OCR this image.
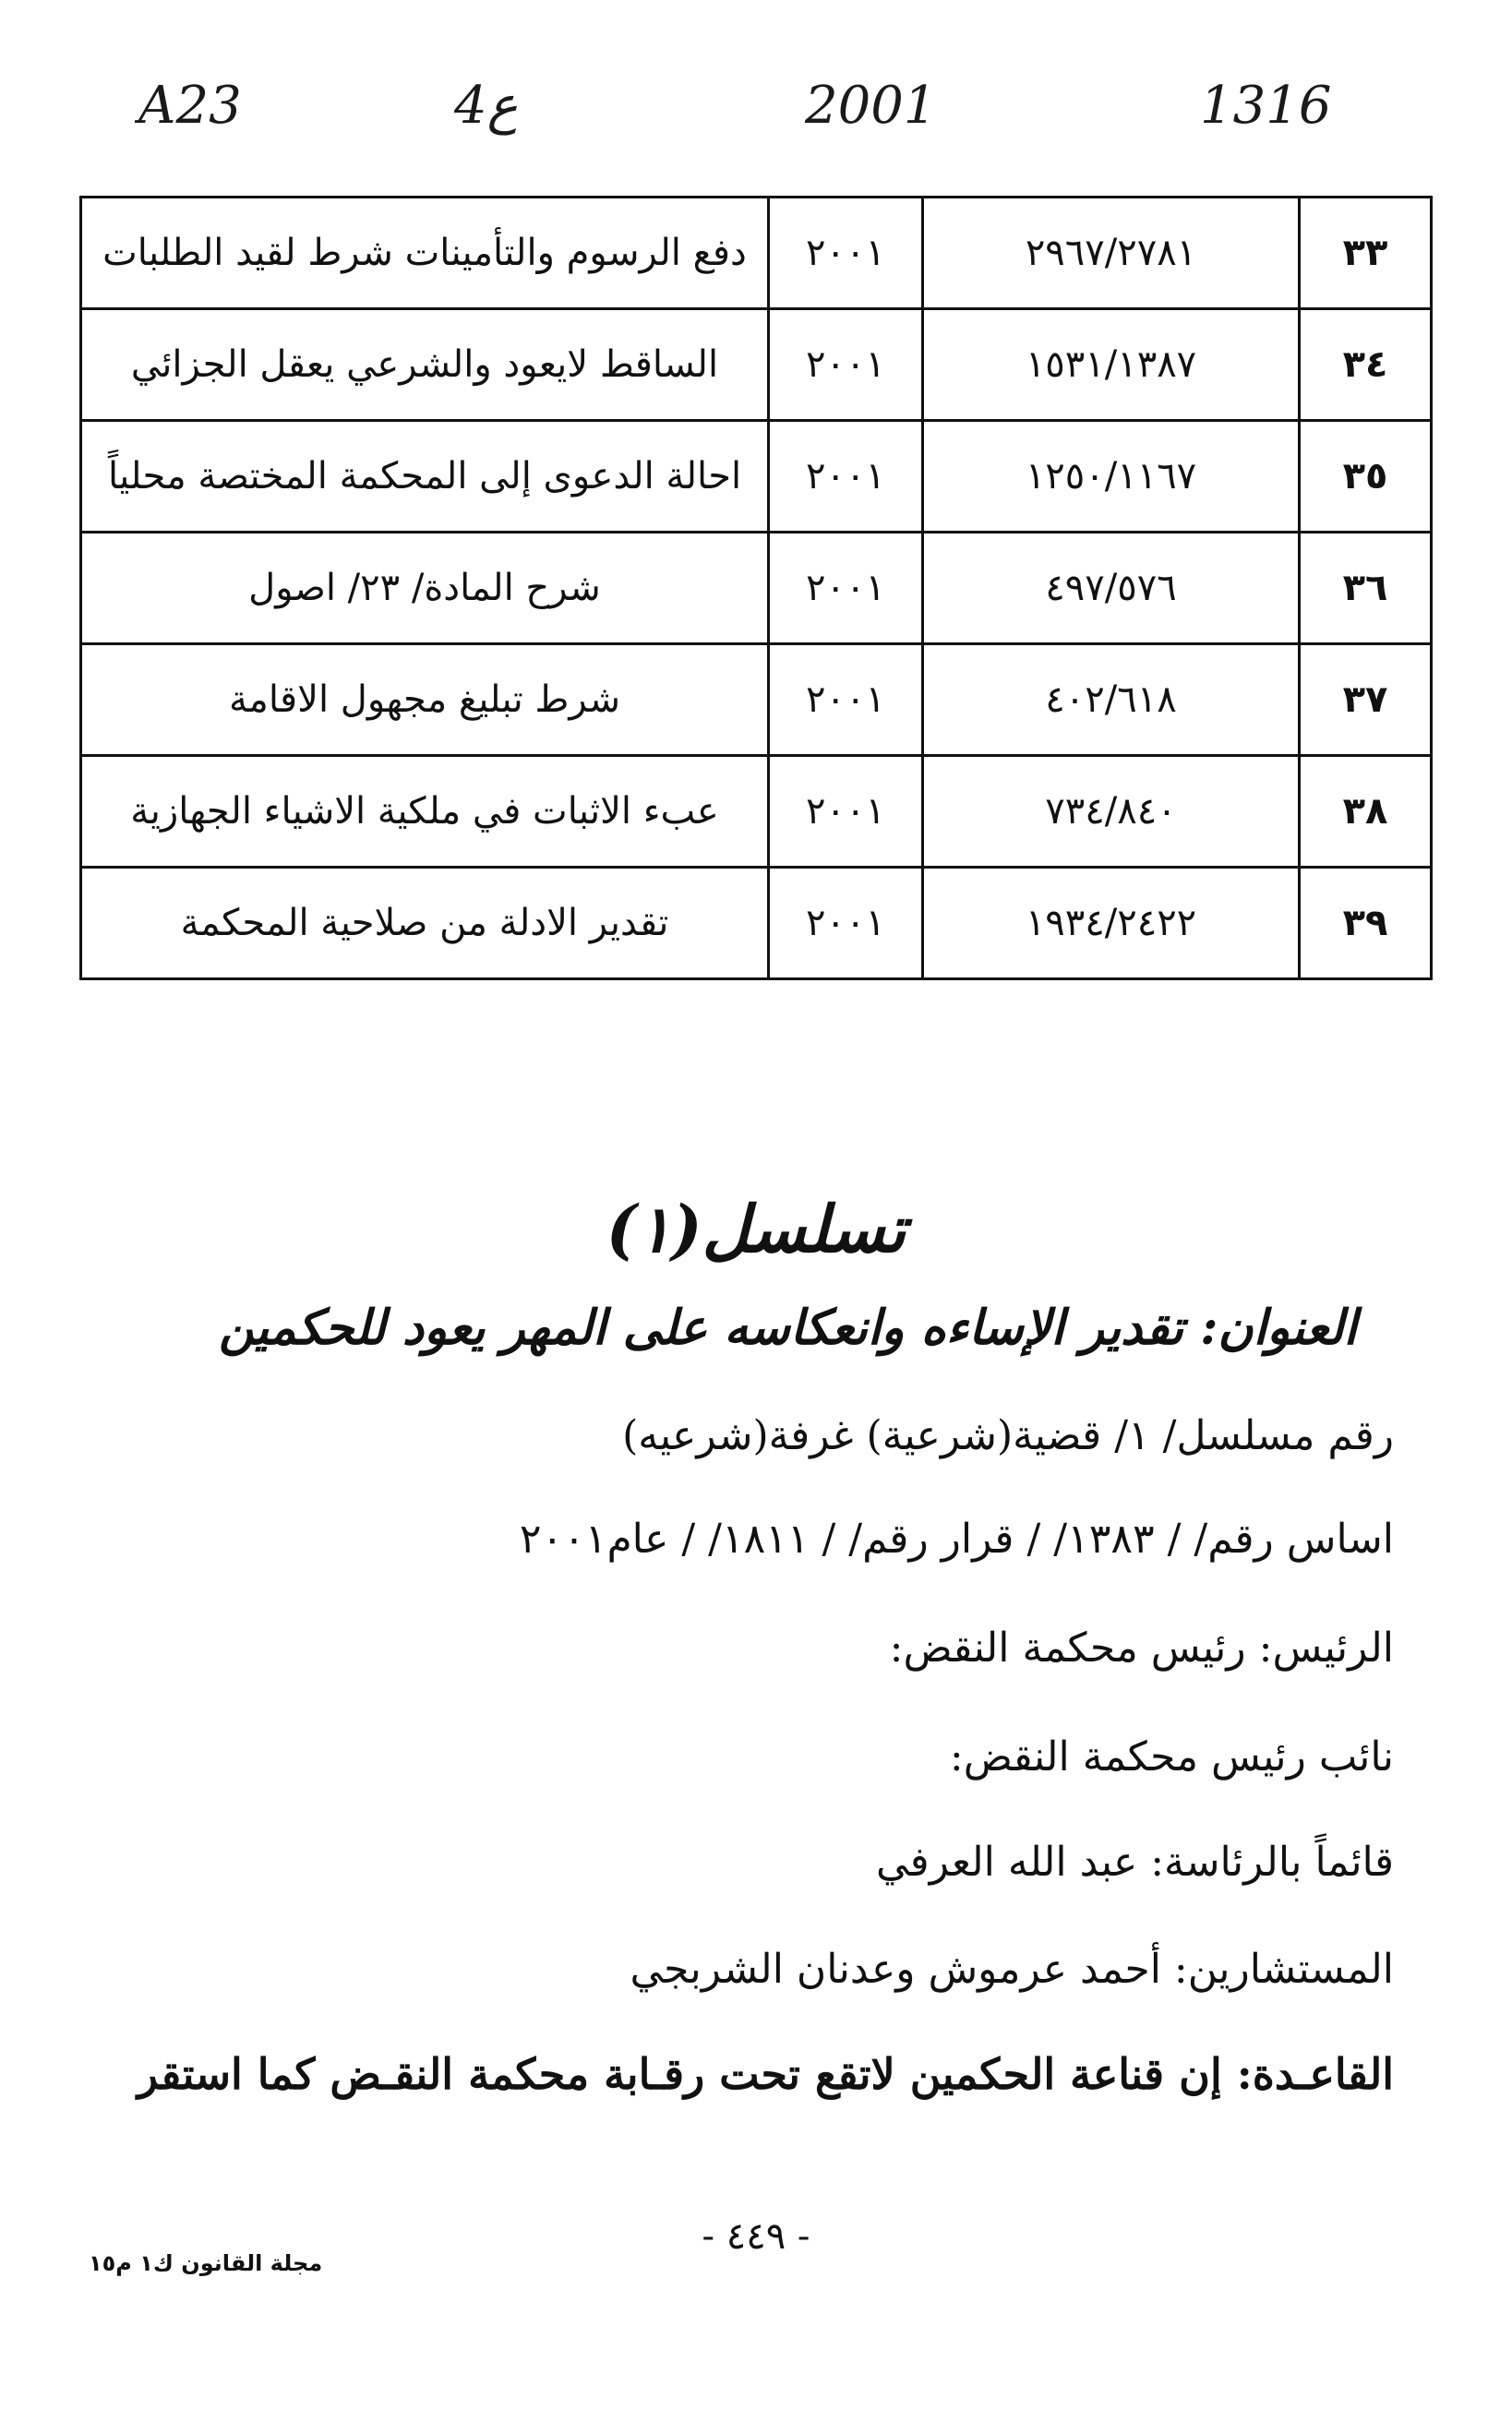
A23	4ع	2001	1316
٣٣	٢٩٦٧/٢٧٨١	٢٠٠١	دفع الرسوم والتأمينات شرط لقيد الطلبات
٣٤	١٥٣١/١٣٨٧	٢٠٠١	الساقط لايعود والشرعي يعقل الجزائي
٣٥	١٢٥٠/١١٦٧	٢٠٠١	احالة الدعوى إلى المحكمة المختصة محلياً
٣٦	٤٩٧/٥٧٦	٢٠٠١	شرح المادة/ ٢٣/ اصول
٣٧	٤٠٢/٦١٨	٢٠٠١	شرط تبليغ مجهول الاقامة
٣٨	٧٣٤/٨٤٠	٢٠٠١	عبء الاثبات في ملكية الاشياء الجهازية
٣٩	١٩٣٤/٢٤٢٢	٢٠٠١	تقدير الادلة من صلاحية المحكمة
تسلسل(١)
العنوان: تقدير الإساءه وانعكاسه على المهر يعود للحكمين
رقم مسلسل/ ١/ قضية(شرعية) غرفة(شرعيه)
اساس رقم/ / ١٣٨٣/ / قرار رقم/ / ١٨١١/ / عام٢٠٠١
الرئيس: رئيس محكمة النقض:
نائب رئيس محكمة النقض:
قائماً بالرئاسة: عبد الله العرفي
المستشارين: أحمد عرموش وعدنان الشربجي
القاعـدة: إن قناعة الحكمين لاتقع تحت رقـابة محكمة النقـض كما استقر
- ٤٤٩ -
مجلة القانون ك١ م١٥
